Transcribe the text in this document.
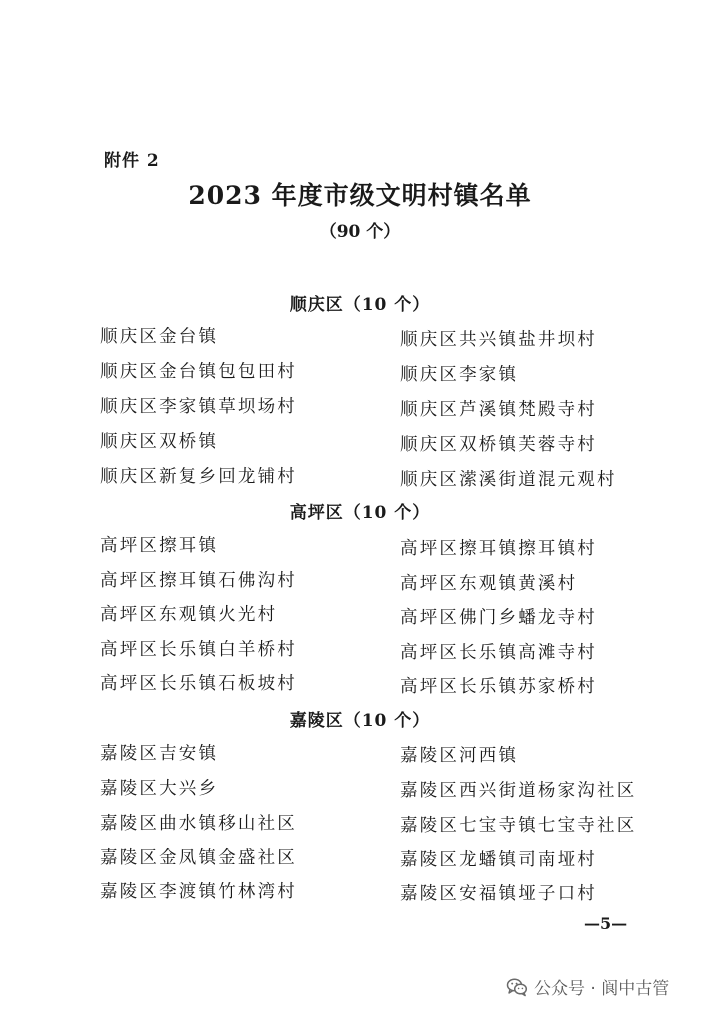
附件 2
2023 年度市级文明村镇名单
（90 个）
顺庆区（10 个）
顺庆区金台镇
顺庆区金台镇包包田村
顺庆区李家镇草坝场村
顺庆区双桥镇
顺庆区新复乡回龙铺村
顺庆区共兴镇盐井坝村
顺庆区李家镇
顺庆区芦溪镇梵殿寺村
顺庆区双桥镇芙蓉寺村
顺庆区潆溪街道混元观村
高坪区（10 个）
高坪区擦耳镇
高坪区擦耳镇石佛沟村
高坪区东观镇火光村
高坪区长乐镇白羊桥村
高坪区长乐镇石板坡村
高坪区擦耳镇擦耳镇村
高坪区东观镇黄溪村
高坪区佛门乡蟠龙寺村
高坪区长乐镇高滩寺村
高坪区长乐镇苏家桥村
嘉陵区（10 个）
嘉陵区吉安镇
嘉陵区大兴乡
嘉陵区曲水镇移山社区
嘉陵区金凤镇金盛社区
嘉陵区李渡镇竹林湾村
嘉陵区河西镇
嘉陵区西兴街道杨家沟社区
嘉陵区七宝寺镇七宝寺社区
嘉陵区龙蟠镇司南垭村
嘉陵区安福镇垭子口村
—5—
公众号 · 阆中古管
